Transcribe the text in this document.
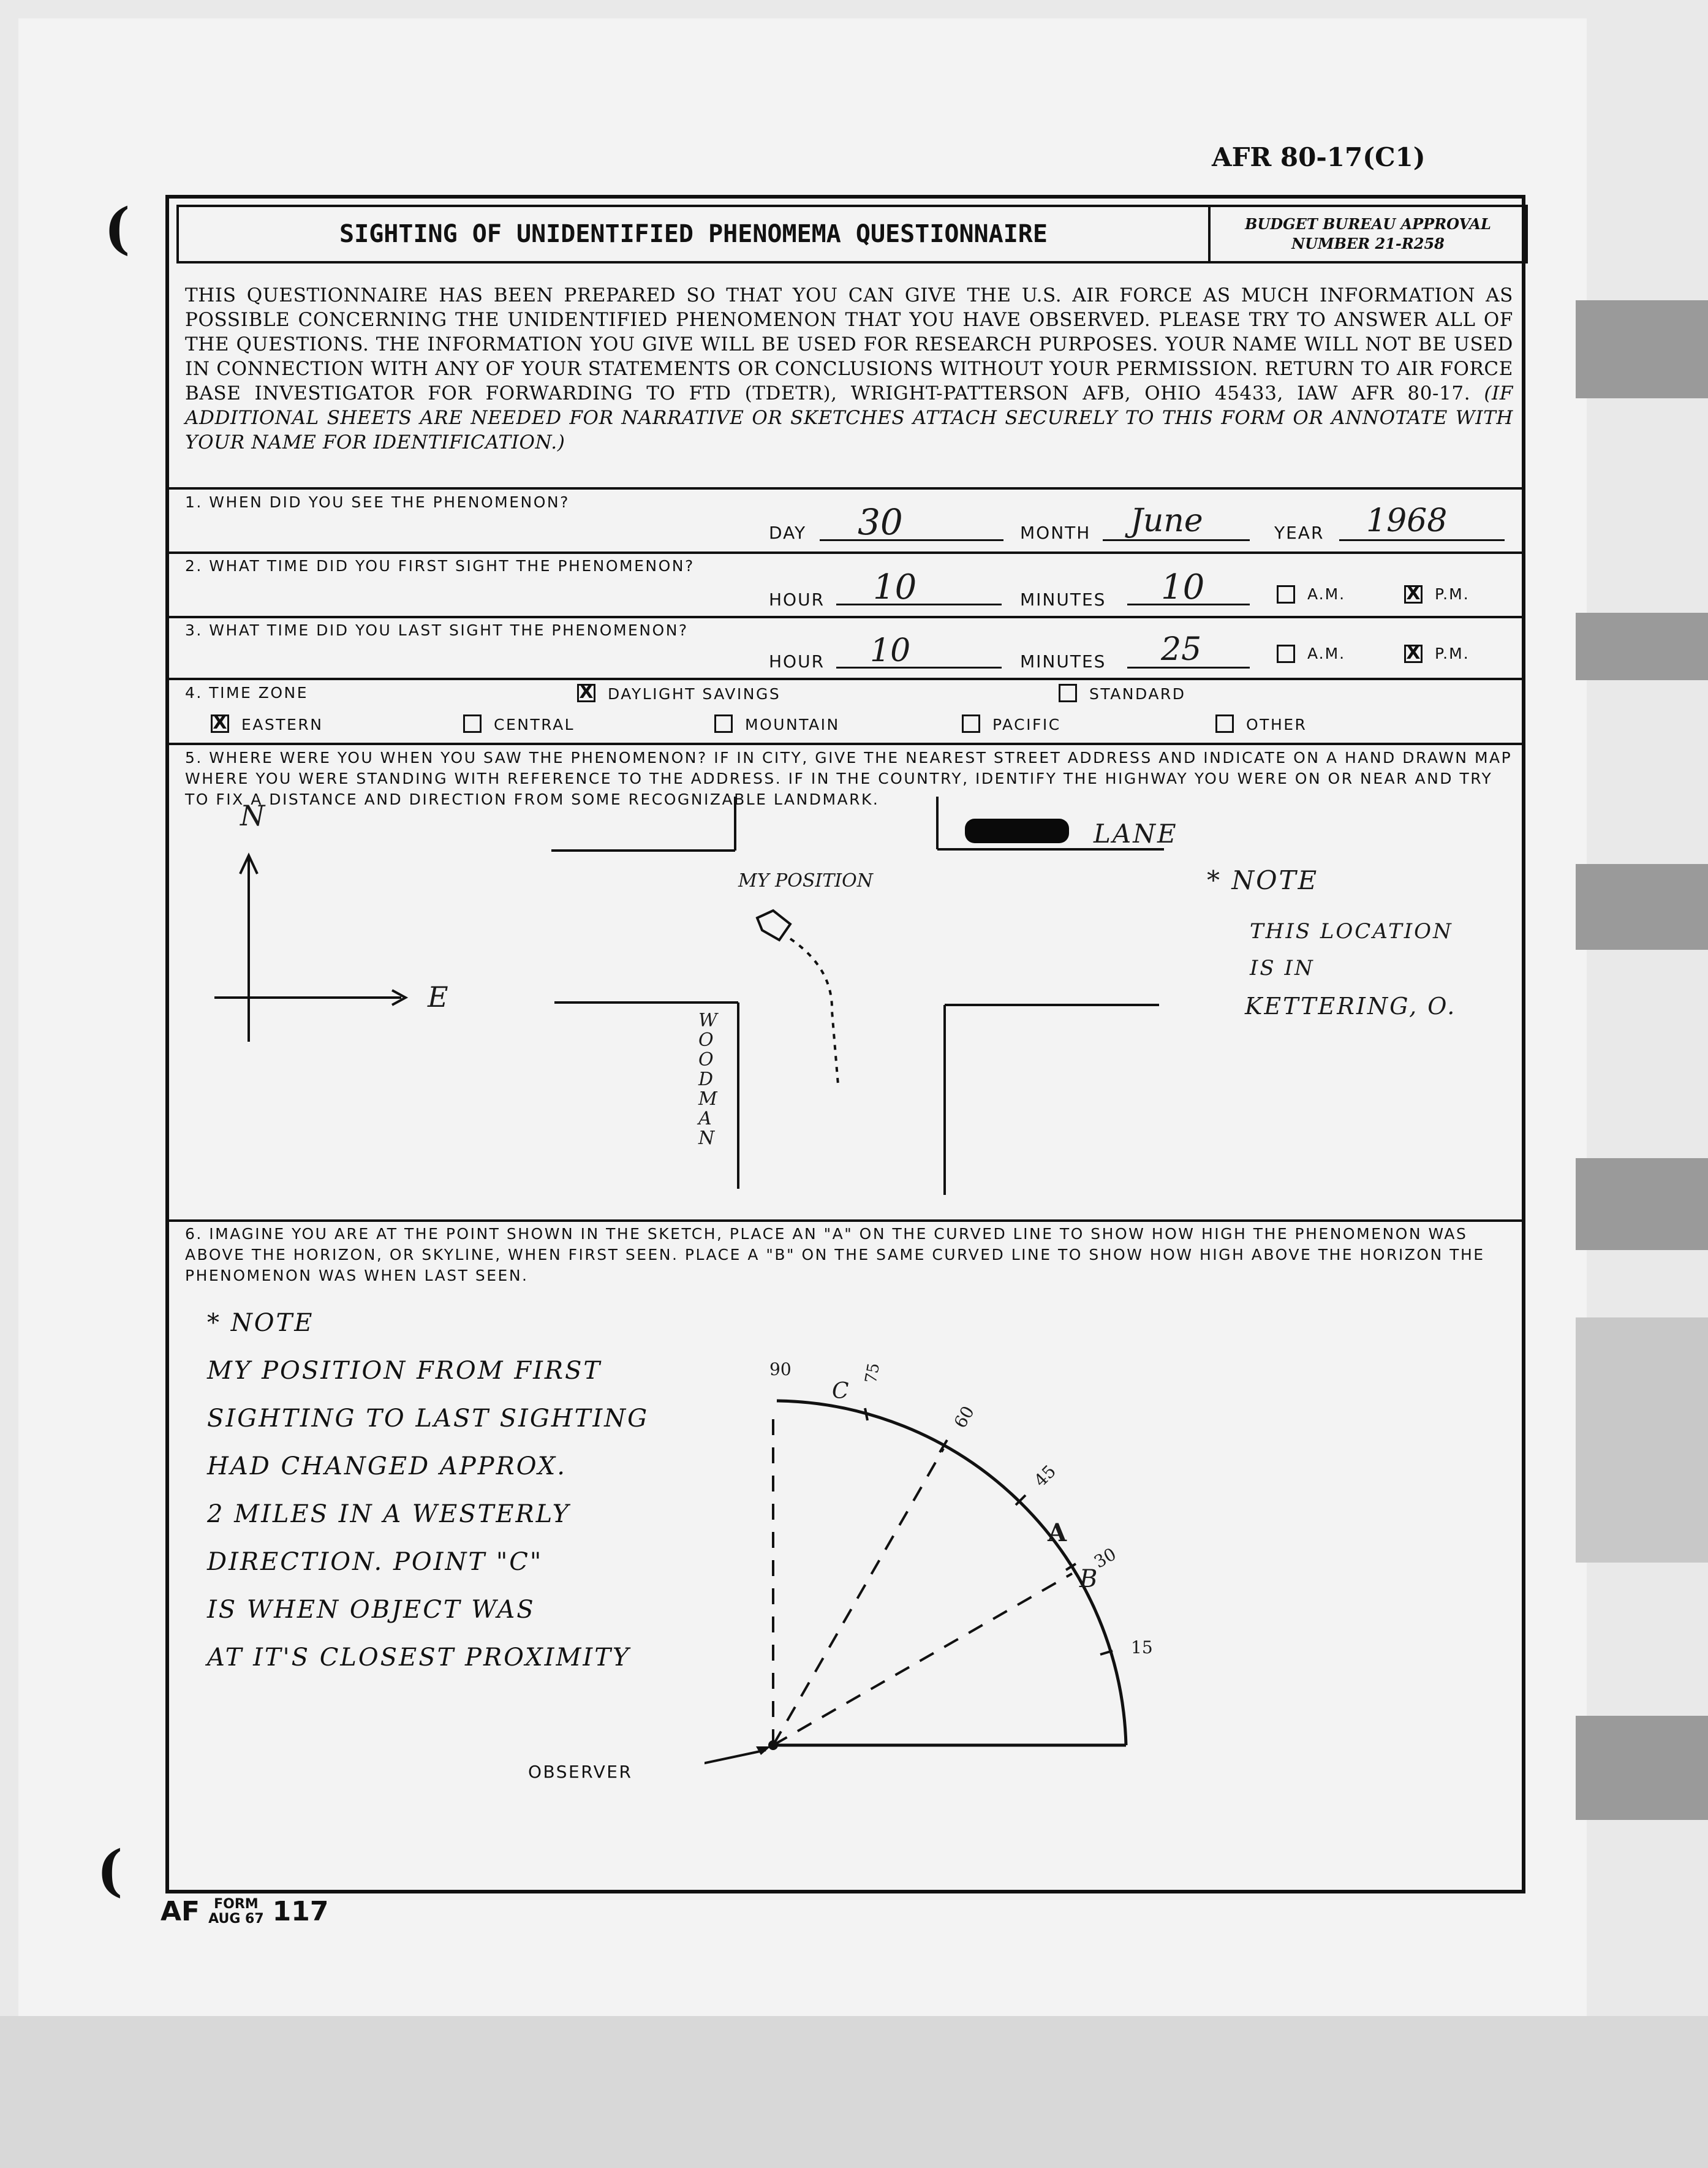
(
(
AFR 80-17(C1)
SIGHTING OF UNIDENTIFIED PHENOMEMA QUESTIONNAIRE	BUDGET BUREAU APPROVAL
NUMBER 21-R258
THIS QUESTIONNAIRE HAS BEEN PREPARED SO THAT YOU CAN GIVE THE U.S. AIR FORCE AS MUCH INFORMATION AS POSSIBLE CONCERNING THE UNIDENTIFIED PHENOMENON THAT YOU HAVE OBSERVED. PLEASE TRY TO ANSWER ALL OF THE QUESTIONS. THE INFORMATION YOU GIVE WILL BE USED FOR RESEARCH PURPOSES. YOUR NAME WILL NOT BE USED IN CONNECTION WITH ANY OF YOUR STATEMENTS OR CONCLUSIONS WITHOUT YOUR PERMISSION. RETURN TO AIR FORCE BASE INVESTIGATOR FOR FORWARDING TO FTD (TDETR), WRIGHT-PATTERSON AFB, OHIO 45433, IAW AFR 80-17. (IF ADDITIONAL SHEETS ARE NEEDED FOR NARRATIVE OR SKETCHES ATTACH SECURELY TO THIS FORM OR ANNOTATE WITH YOUR NAME FOR IDENTIFICATION.)
1. WHEN DID YOU SEE THE PHENOMENON?
DAY 30	MONTH June	YEAR 1968
2. WHAT TIME DID YOU FIRST SIGHT THE PHENOMENON?
HOUR 10	MINUTES 10	A.M.	X P.M.
3. WHAT TIME DID YOU LAST SIGHT THE PHENOMENON?
HOUR 10	MINUTES 25	A.M.	X P.M.
4. TIME ZONE	X DAYLIGHT SAVINGS	STANDARD
X EASTERN	CENTRAL	MOUNTAIN	PACIFIC	OTHER
5. WHERE WERE YOU WHEN YOU SAW THE PHENOMENON? IF IN CITY, GIVE THE NEAREST STREET ADDRESS AND INDICATE ON A HAND DRAWN MAP WHERE YOU WERE STANDING WITH REFERENCE TO THE ADDRESS. IF IN THE COUNTRY, IDENTIFY THE HIGHWAY YOU WERE ON OR NEAR AND TRY TO FIX A DISTANCE AND DIRECTION FROM SOME RECOGNIZABLE LANDMARK.
N
E
LANE
MY POSITION
WOODMAN
* NOTE
THIS LOCATION
IS IN
KETTERING, O.
6. IMAGINE YOU ARE AT THE POINT SHOWN IN THE SKETCH, PLACE AN "A" ON THE CURVED LINE TO SHOW HOW HIGH THE PHENOMENON WAS ABOVE THE HORIZON, OR SKYLINE, WHEN FIRST SEEN. PLACE A "B" ON THE SAME CURVED LINE TO SHOW HOW HIGH ABOVE THE HORIZON THE PHENOMENON WAS WHEN LAST SEEN.
* NOTE
MY POSITION FROM FIRST
SIGHTING TO LAST SIGHTING
HAD CHANGED APPROX.
2 MILES IN A WESTERLY
DIRECTION. POINT "C"
IS WHEN OBJECT WAS
AT IT'S CLOSEST PROXIMITY
90	75
60
45
30
15
C
A
B
OBSERVER
AF	FORM
AUG 67 117
